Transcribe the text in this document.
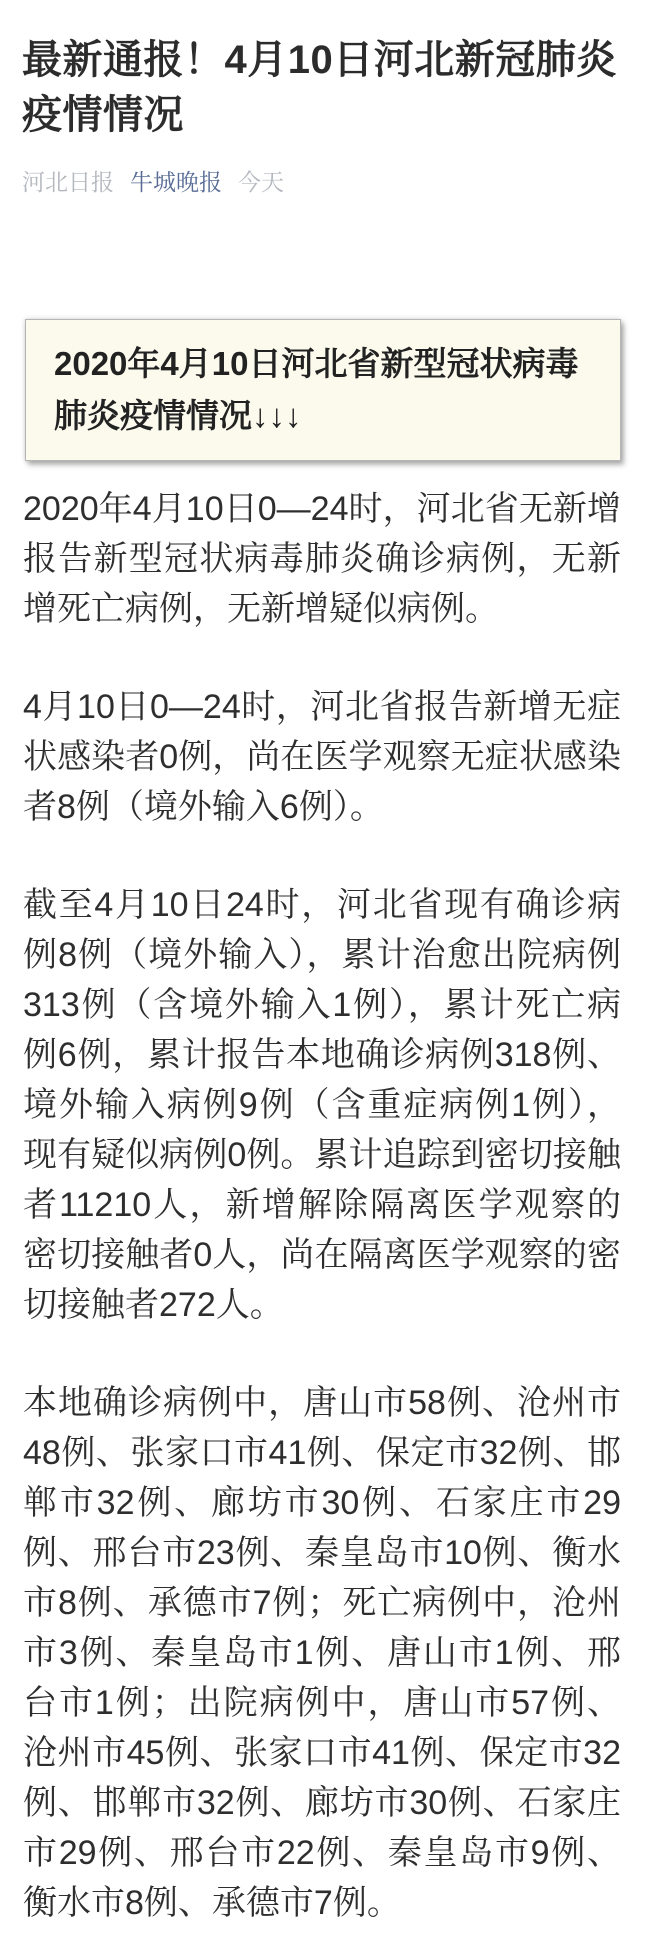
最新通报！4月10日河北新冠肺炎疫情情况
河北日报 牛城晚报 今天

2020年4月10日河北省新型冠状病毒肺炎疫情情况↓↓↓

2020年4月10日0—24时，河北省无新增报告新型冠状病毒肺炎确诊病例，无新增死亡病例，无新增疑似病例。

4月10日0—24时，河北省报告新增无症状感染者0例，尚在医学观察无症状感染者8例（境外输入6例）。

截至4月10日24时，河北省现有确诊病例8例（境外输入），累计治愈出院病例313例（含境外输入1例），累计死亡病例6例，累计报告本地确诊病例318例、境外输入病例9例（含重症病例1例），现有疑似病例0例。累计追踪到密切接触者11210人，新增解除隔离医学观察的密切接触者0人，尚在隔离医学观察的密切接触者272人。

本地确诊病例中，唐山市58例、沧州市48例、张家口市41例、保定市32例、邯郸市32例、廊坊市30例、石家庄市29例、邢台市23例、秦皇岛市10例、衡水市8例、承德市7例；死亡病例中，沧州市3例、秦皇岛市1例、唐山市1例、邢台市1例；出院病例中，唐山市57例、沧州市45例、张家口市41例、保定市32例、邯郸市32例、廊坊市30例、石家庄市29例、邢台市22例、秦皇岛市9例、衡水市8例、承德市7例。
